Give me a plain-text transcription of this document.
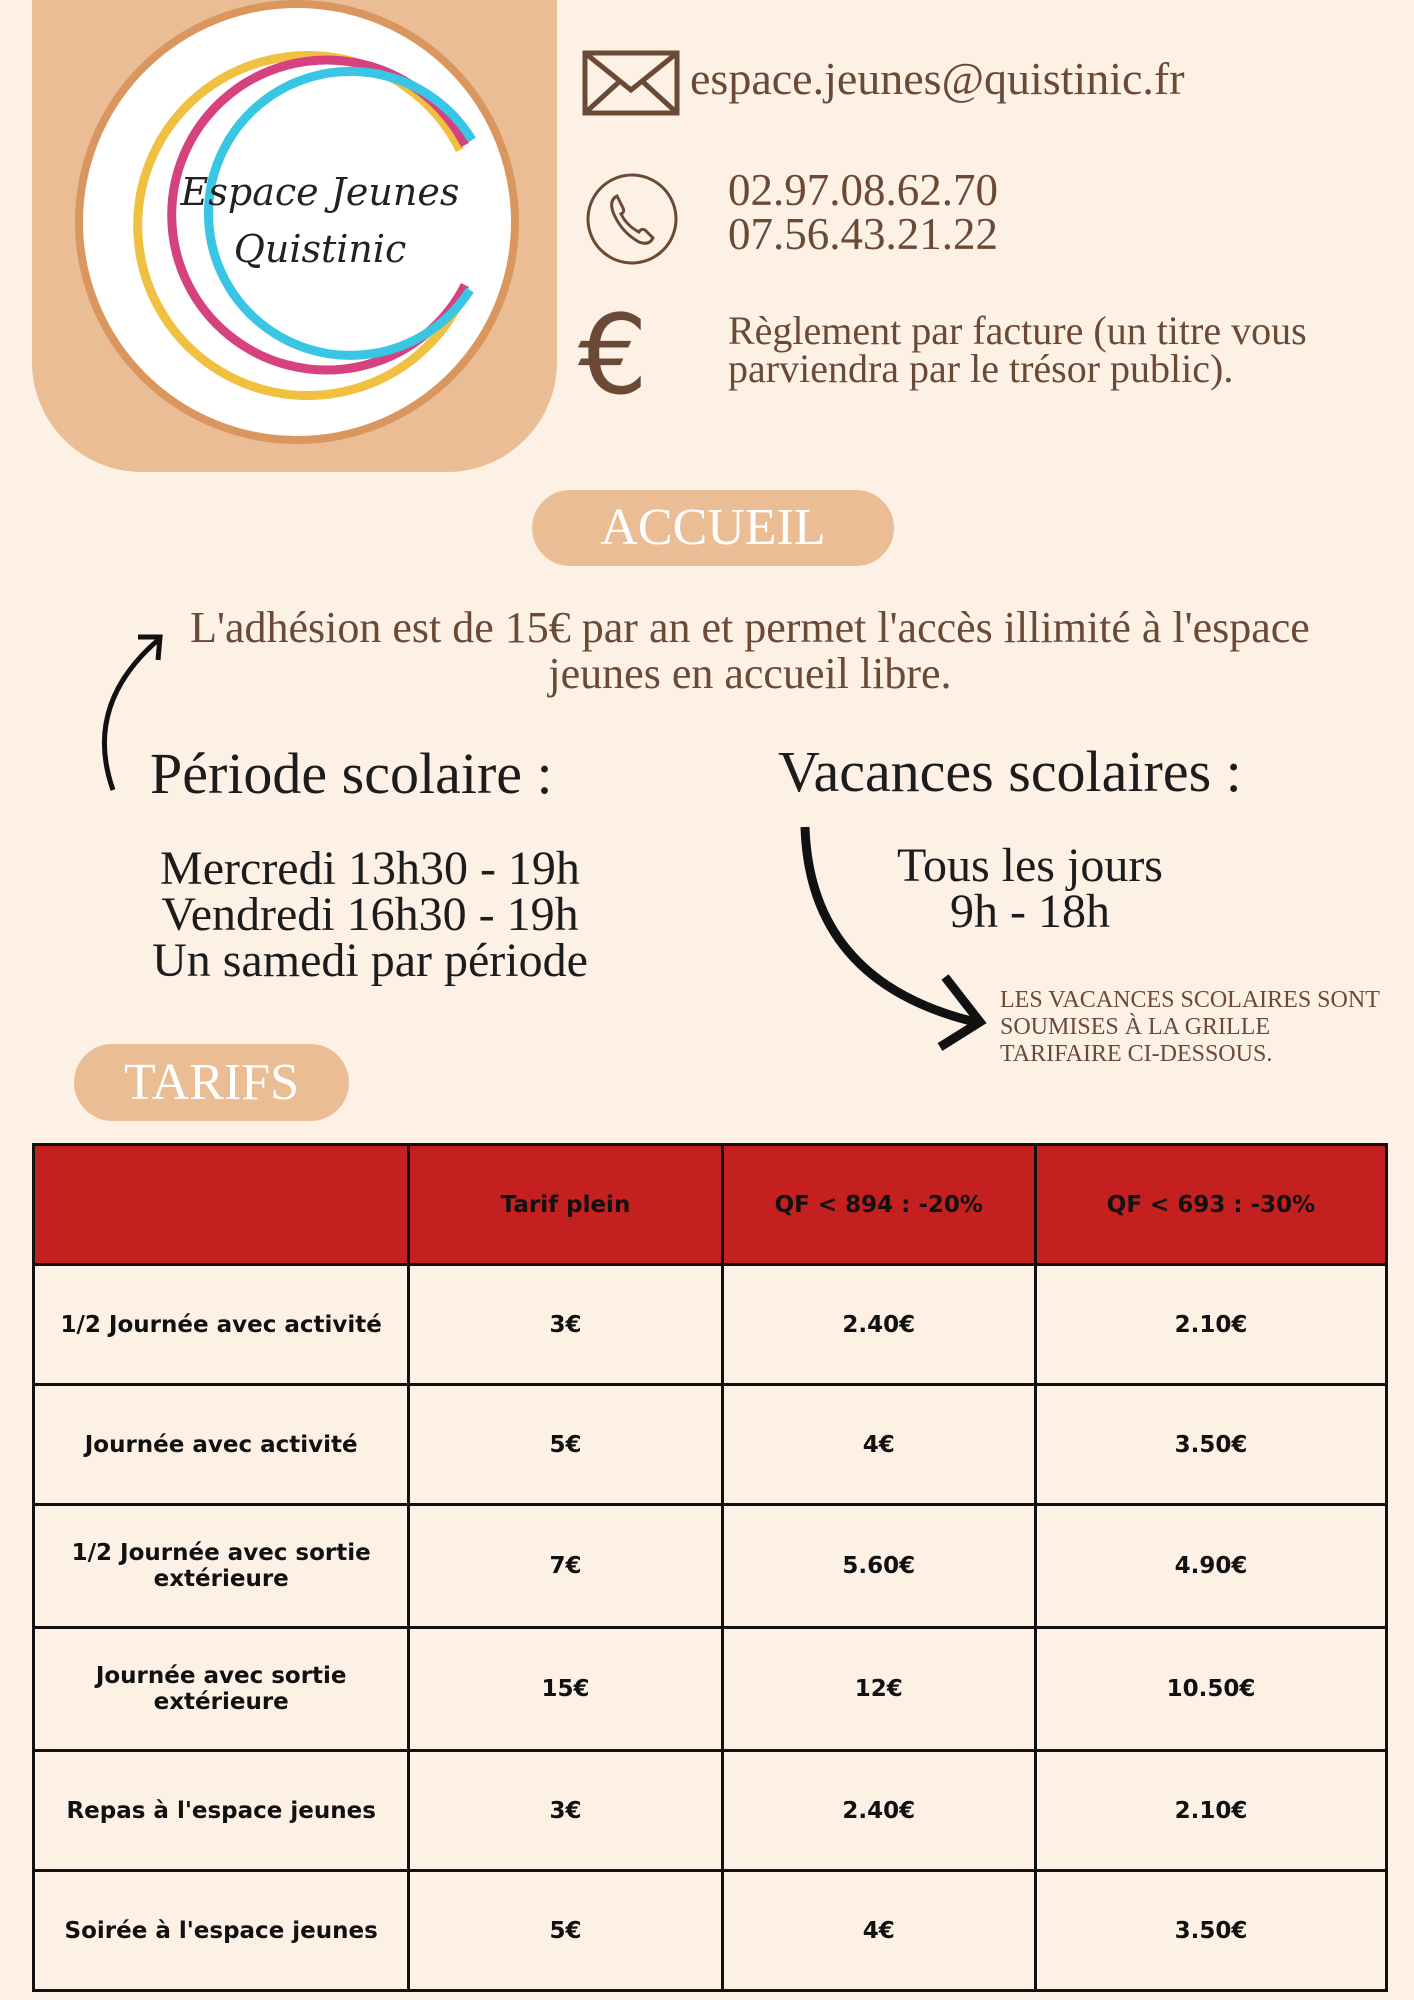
Espace Jeunes
Quistinic
espace.jeunes@quistinic.fr
02.97.08.62.70
07.56.43.21.22
€ Règlement par facture (un titre vous parviendra par le trésor public).
ACCUEIL
L'adhésion est de 15€ par an et permet l'accès illimité à l'espace jeunes en accueil libre.
Période scolaire :	Vacances scolaires :
Mercredi 13h30 - 19h
Vendredi 16h30 - 19h
Un samedi par période
Tous les jours
9h - 18h
LES VACANCES SCOLAIRES SONT
SOUMISES À LA GRILLE
TARIFAIRE CI-DESSOUS.
TARIFS
	Tarif plein	QF < 894 : -20%	QF < 693 : -30%
1/2 Journée avec activité	3€	2.40€	2.10€
Journée avec activité	5€	4€	3.50€
1/2 Journée avec sortie extérieure	7€	5.60€	4.90€
Journée avec sortie extérieure	15€	12€	10.50€
Repas à l'espace jeunes	3€	2.40€	2.10€
Soirée à l'espace jeunes	5€	4€	3.50€
